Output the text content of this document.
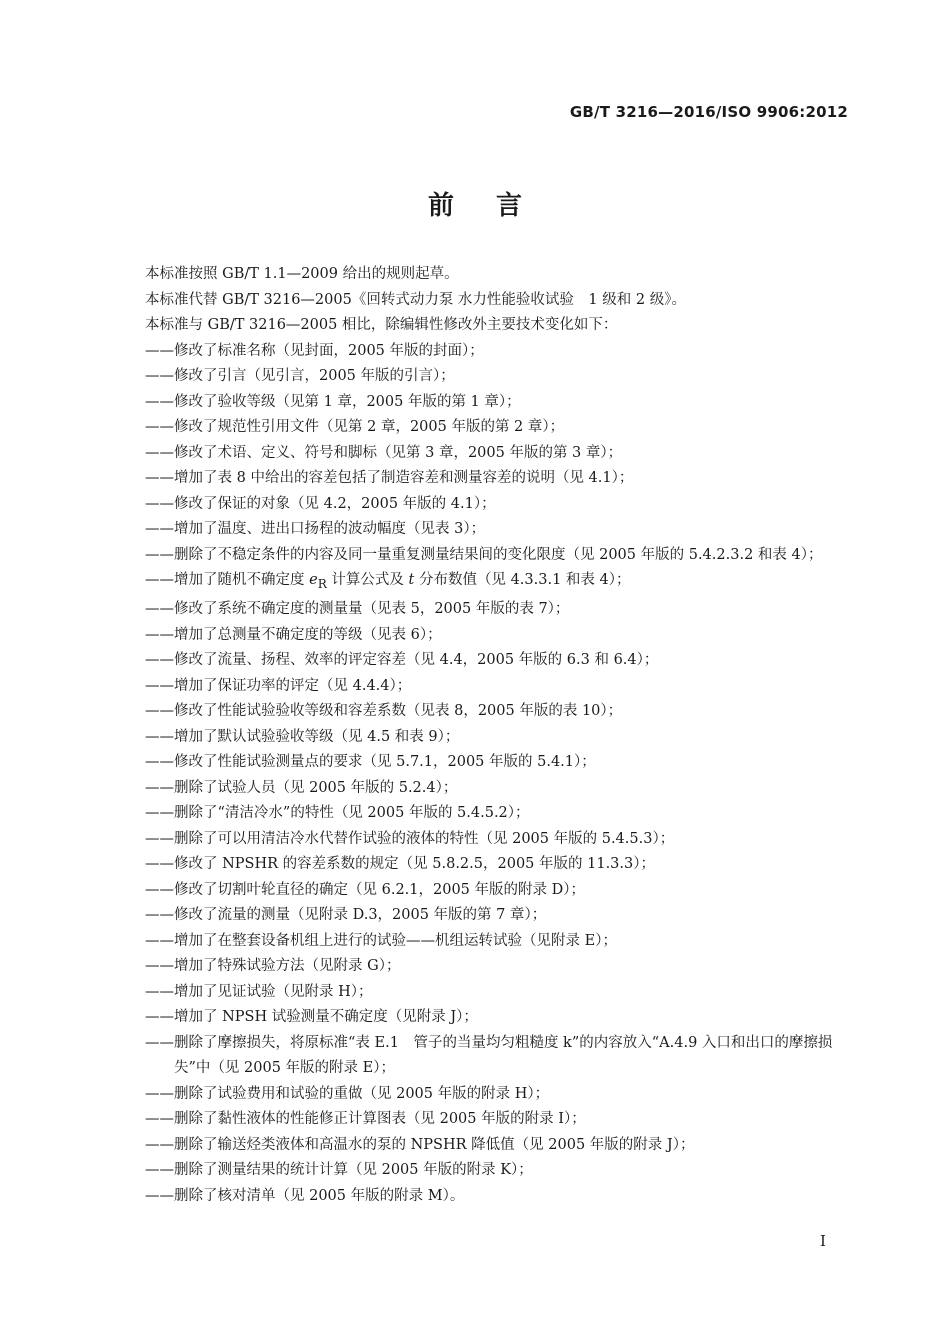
GB/T 3216—2016/ISO 9906:2012
前言

本标准按照 GB/T 1.1—2009 给出的规则起草。

本标准代替 GB/T 3216—2005《回转式动力泵 水力性能验收试验　1 级和 2 级》。

本标准与 GB/T 3216—2005 相比，除编辑性修改外主要技术变化如下：

——修改了标准名称（见封面，2005 年版的封面）；

——修改了引言（见引言，2005 年版的引言）；

——修改了验收等级（见第 1 章，2005 年版的第 1 章）；

——修改了规范性引用文件（见第 2 章，2005 年版的第 2 章）；

——修改了术语、定义、符号和脚标（见第 3 章，2005 年版的第 3 章）；

——增加了表 8 中给出的容差包括了制造容差和测量容差的说明（见 4.1）；

——修改了保证的对象（见 4.2，2005 年版的 4.1）；

——增加了温度、进出口扬程的波动幅度（见表 3）；

——删除了不稳定条件的内容及同一量重复测量结果间的变化限度（见 2005 年版的 5.4.2.3.2 和表 4）；

——增加了随机不确定度 $e_R$ 计算公式及 t 分布数值（见 4.3.3.1 和表 4）；

——修改了系统不确定度的测量量（见表 5，2005 年版的表 7）；

——增加了总测量不确定度的等级（见表 6）；

——修改了流量、扬程、效率的评定容差（见 4.4，2005 年版的 6.3 和 6.4）；

——增加了保证功率的评定（见 4.4.4）；

——修改了性能试验验收等级和容差系数（见表 8，2005 年版的表 10）；

——增加了默认试验验收等级（见 4.5 和表 9）；

——修改了性能试验测量点的要求（见 5.7.1，2005 年版的 5.4.1）；

——删除了试验人员（见 2005 年版的 5.2.4）；

——删除了“清洁冷水”的特性（见 2005 年版的 5.4.5.2）；

——删除了可以用清洁冷水代替作试验的液体的特性（见 2005 年版的 5.4.5.3）；

——修改了 NPSHR 的容差系数的规定（见 5.8.2.5，2005 年版的 11.3.3）；

——修改了切割叶轮直径的确定（见 6.2.1，2005 年版的附录 D）；

——修改了流量的测量（见附录 D.3，2005 年版的第 7 章）；

——增加了在整套设备机组上进行的试验——机组运转试验（见附录 E）；

——增加了特殊试验方法（见附录 G）；

——增加了见证试验（见附录 H）；

——增加了 NPSH 试验测量不确定度（见附录 J）；

——删除了摩擦损失，将原标准“表 E.1　管子的当量均匀粗糙度 k”的内容放入“A.4.9 入口和出口的摩擦损失”中（见 2005 年版的附录 E）；

——删除了试验费用和试验的重做（见 2005 年版的附录 H）；

——删除了黏性液体的性能修正计算图表（见 2005 年版的附录 I）；

——删除了输送烃类液体和高温水的泵的 NPSHR 降低值（见 2005 年版的附录 J）；

——删除了测量结果的统计计算（见 2005 年版的附录 K）；

——删除了核对清单（见 2005 年版的附录 M）。

I
